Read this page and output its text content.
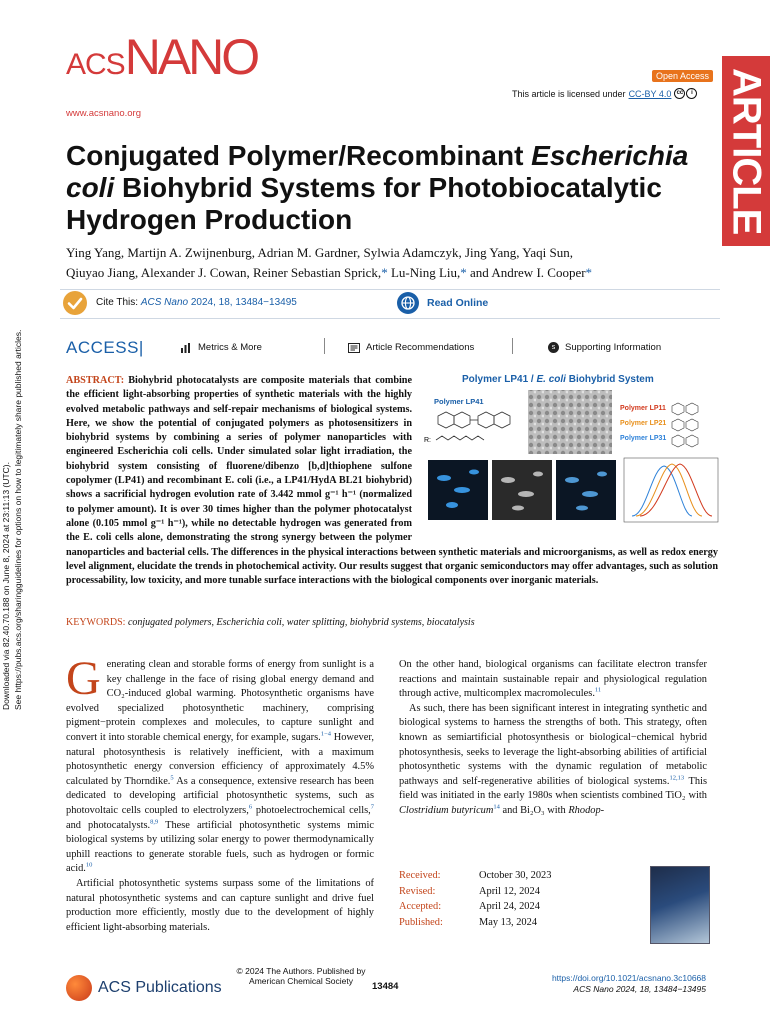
ACS NANO	Open Access
This article is licensed under CC-BY 4.0 cc	i
www.acsnano.org	ARTICLE
Downloaded via 82.40.70.188 on June 8, 2024 at 23:11:13 (UTC). See https://pubs.acs.org/sharingguidelines for options on how to legitimately share published articles.
Conjugated Polymer/Recombinant Escherichia coli Biohybrid Systems for Photobiocatalytic Hydrogen Production
Ying Yang, Martijn A. Zwijnenburg, Adrian M. Gardner, Sylwia Adamczyk, Jing Yang, Yaqi Sun,
Qiuyao Jiang, Alexander J. Cowan, Reiner Sebastian Sprick,* Lu-Ning Liu,* and Andrew I. Cooper*
Cite This: ACS Nano 2024, 18, 13484−13495	Read Online
ACCESS|	Metrics & More	Article Recommendations	s	Supporting Information
ABSTRACT: Biohybrid photocatalysts are composite materials that combine the efficient light-absorbing properties of synthetic materials with the highly evolved metabolic pathways and self-repair mechanisms of biological systems. Here, we show the potential of conjugated polymers as photosensitizers in biohybrid systems by combining a series of polymer nanoparticles with engineered Escherichia coli cells. Under simulated solar light irradiation, the biohybrid system consisting of fluorene/dibenzo [b,d]thiophene sulfone copolymer (LP41) and recombinant E. coli (i.e., a LP41/HydA BL21 biohybrid) shows a sacrificial hydrogen evolution rate of 3.442 mmol g⁻¹ h⁻¹ (normalized to polymer amount). It is over 30 times higher than the polymer photocatalyst alone (0.105 mmol g⁻¹ h⁻¹), while no detectable hydrogen was generated from the E. coli cells alone, demonstrating the strong synergy between the polymer nanoparticles and bacterial cells. The differences in the physical interactions between synthetic materials and microorganisms, as well as redox energy level alignment, elucidate the trends in photochemical activity. Our results suggest that organic semiconductors may offer advantages, such as solution processability, low toxicity, and more tunable surface interactions with the biological components over inorganic materials.
Polymer LP41 / E. coli Biohybrid System
Polymer LP41
R:
Polymer LP11
Polymer LP21
Polymer LP31
KEYWORDS: conjugated polymers, Escherichia coli, water splitting, biohybrid systems, biocatalysis

Generating clean and storable forms of energy from sunlight is a key challenge in the face of rising global energy demand and CO₂-induced global warming. Photosynthetic organisms have evolved specialized photosynthetic machinery, comprising pigment−protein complexes and molecules, to capture sunlight and convert it into storable chemical energy, for example, sugars.$^{1-4}$ However, natural photosynthesis is relatively inefficient, with a maximum photosynthetic energy conversion efficiency of approximately 4.5% calculated by Thorndike.$^5$ As a consequence, extensive research has been dedicated to developing artificial photosynthetic systems, such as photovoltaic cells coupled to electrolyzers,$^6$ photoelectrochemical cells,$^7$ and photocatalysts.$^{8,9}$ These artificial photosynthetic systems mimic biological systems by utilizing solar energy to power thermodynamically uphill reactions to generate storable fuels, such as hydrogen or formic acid.$^{10}$

Artificial photosynthetic systems surpass some of the limitations of natural photosynthetic systems and can capture sunlight and drive fuel production more efficiently, mostly due to the development of highly efficient light-absorbing materials.

On the other hand, biological organisms can facilitate electron transfer reactions and maintain sustainable repair and physiological regulation through active, multicomplex macromolecules.$^{11}$

As such, there has been significant interest in integrating synthetic and biological systems to harness the strengths of both. This strategy, often known as semiartificial photosynthesis or biological−chemical hybrid photosynthesis, seeks to leverage the light-absorbing abilities of artificial photosynthetic systems with the dynamic regulation of metabolic pathways and self-regenerative abilities of biological systems.$^{12,13}$ This field was initiated in the early 1980s when scientists combined TiO₂ with Clostridium butyricum$^{14}$ and Bi₂O₃ with Rhodop-

Received:	October 30, 2023
Revised:	April 12, 2024
Accepted:	April 24, 2024
Published:	May 13, 2024
ACS Publications
© 2024 The Authors. Published by
American Chemical Society	13484
https://doi.org/10.1021/acsnano.3c10668
ACS Nano 2024, 18, 13484−13495
